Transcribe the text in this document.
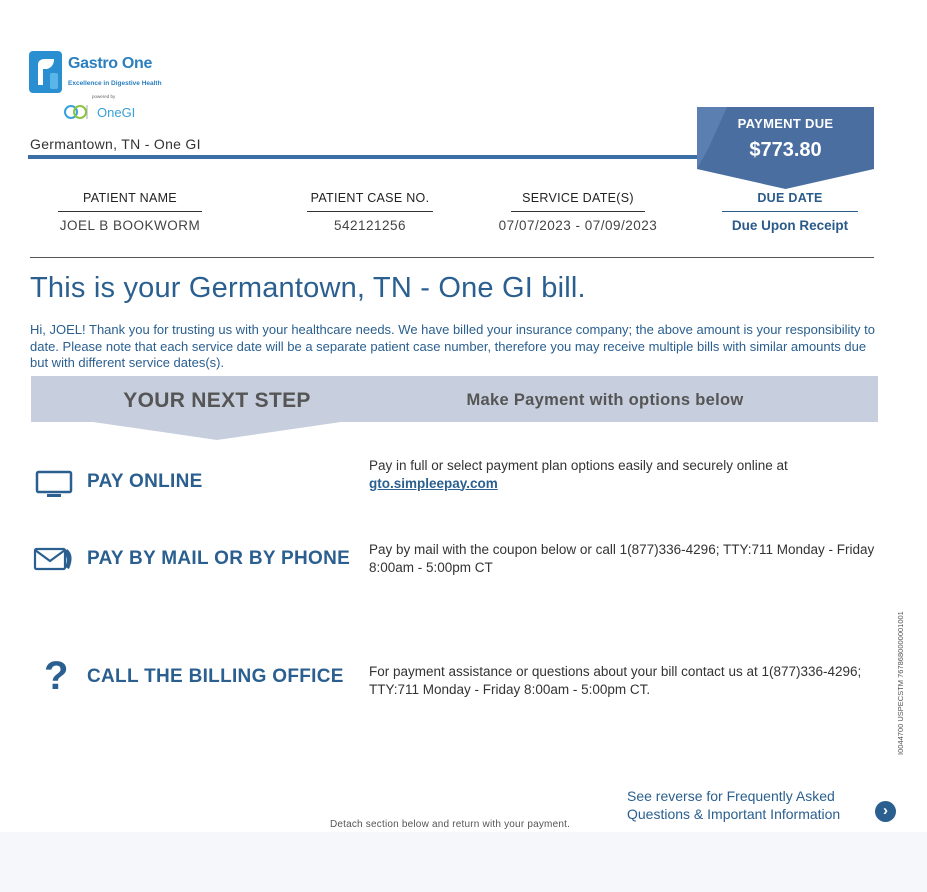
Gastro One
Excellence in Digestive Health
powered by
OneGI
Germantown, TN - One GI
PAYMENT DUE
$773.80
PATIENT NAME
JOEL B BOOKWORM
PATIENT CASE NO.
542121256
SERVICE DATE(S)
07/07/2023 - 07/09/2023
DUE DATE
Due Upon Receipt
This is your Germantown, TN - One GI bill.
Hi, JOEL! Thank you for trusting us with your healthcare needs. We have billed your insurance company; the above amount is your responsibility to date. Please note that each service date will be a separate patient case number, therefore you may receive multiple bills with similar amounts due but with different service dates(s).
YOUR NEXT STEP	Make Payment with options below
PAY ONLINE
Pay in full or select payment plan options easily and securely online at
gto.simpleepay.com
PAY BY MAIL OR BY PHONE Pay by mail with the coupon below or call 1(877)336-4296; TTY:711 Monday - Friday 8:00am - 5:00pm CT
? CALL THE BILLING OFFICE For payment assistance or questions about your bill contact us at 1(877)336-4296; TTY:711 Monday - Friday 8:00am - 5:00pm CT.	I0044700 USPECSTM 7678680000001001
See reverse for Frequently Asked
Questions & Important Information	›
Detach section below and return with your payment.
